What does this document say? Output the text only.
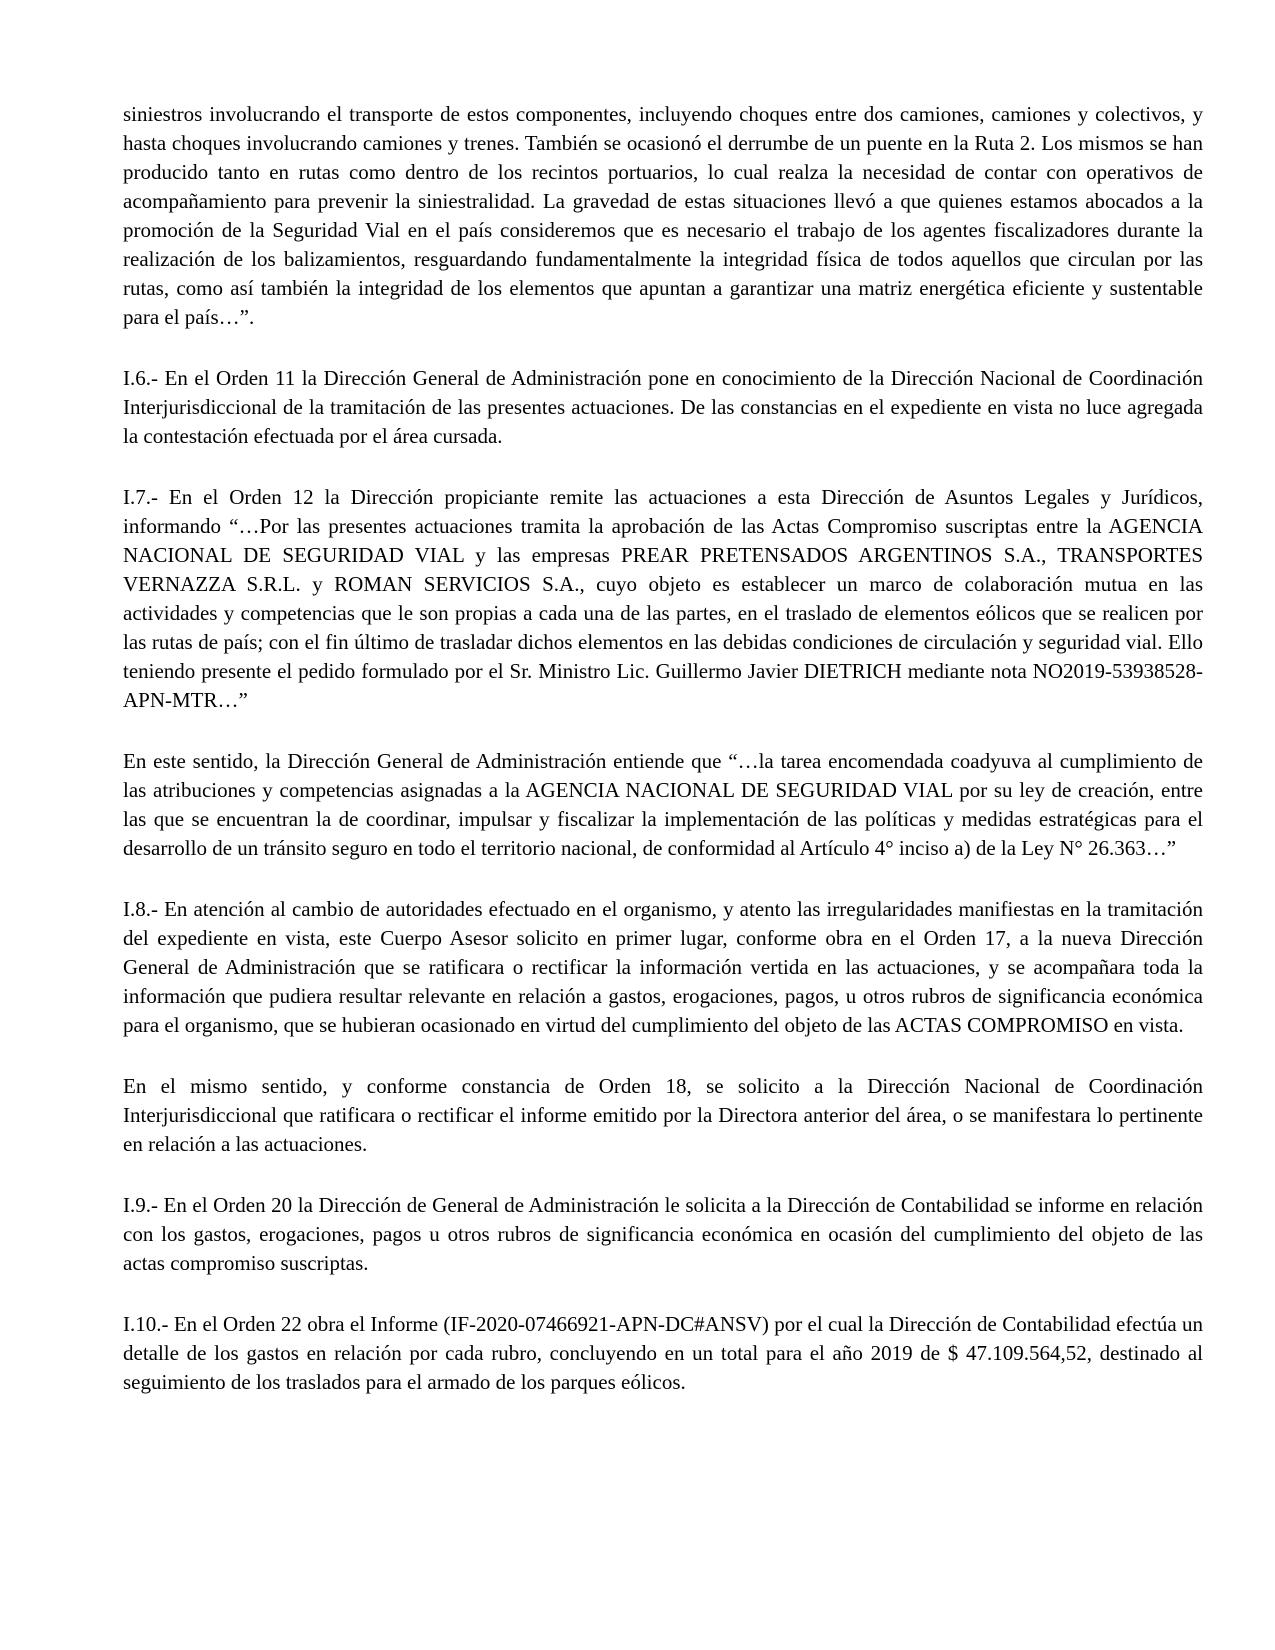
siniestros involucrando el transporte de estos componentes, incluyendo choques entre dos camiones, camiones y colectivos, y hasta choques involucrando camiones y trenes. También se ocasionó el derrumbe de un puente en la Ruta 2. Los mismos se han producido tanto en rutas como dentro de los recintos portuarios, lo cual realza la necesidad de contar con operativos de acompañamiento para prevenir la siniestralidad. La gravedad de estas situaciones llevó a que quienes estamos abocados a la promoción de la Seguridad Vial en el país consideremos que es necesario el trabajo de los agentes fiscalizadores durante la realización de los balizamientos, resguardando fundamentalmente la integridad física de todos aquellos que circulan por las rutas, como así también la integridad de los elementos que apuntan a garantizar una matriz energética eficiente y sustentable para el país…”.

I.6.- En el Orden 11 la Dirección General de Administración pone en conocimiento de la Dirección Nacional de Coordinación Interjurisdiccional de la tramitación de las presentes actuaciones. De las constancias en el expediente en vista no luce agregada la contestación efectuada por el área cursada.

I.7.- En el Orden 12 la Dirección propiciante remite las actuaciones a esta Dirección de Asuntos Legales y Jurídicos, informando “…Por las presentes actuaciones tramita la aprobación de las Actas Compromiso suscriptas entre la AGENCIA NACIONAL DE SEGURIDAD VIAL y las empresas PREAR PRETENSADOS ARGENTINOS S.A., TRANSPORTES VERNAZZA S.R.L. y ROMAN SERVICIOS S.A., cuyo objeto es establecer un marco de colaboración mutua en las actividades y competencias que le son propias a cada una de las partes, en el traslado de elementos eólicos que se realicen por las rutas de país; con el fin último de trasladar dichos elementos en las debidas condiciones de circulación y seguridad vial. Ello teniendo presente el pedido formulado por el Sr. Ministro Lic. Guillermo Javier DIETRICH mediante nota NO2019-53938528-APN-MTR…”

En este sentido, la Dirección General de Administración entiende que “…la tarea encomendada coadyuva al cumplimiento de las atribuciones y competencias asignadas a la AGENCIA NACIONAL DE SEGURIDAD VIAL por su ley de creación, entre las que se encuentran la de coordinar, impulsar y fiscalizar la implementación de las políticas y medidas estratégicas para el desarrollo de un tránsito seguro en todo el territorio nacional, de conformidad al Artículo 4° inciso a) de la Ley N° 26.363…”

I.8.- En atención al cambio de autoridades efectuado en el organismo, y atento las irregularidades manifiestas en la tramitación del expediente en vista, este Cuerpo Asesor solicito en primer lugar, conforme obra en el Orden 17, a la nueva Dirección General de Administración que se ratificara o rectificar la información vertida en las actuaciones, y se acompañara toda la información que pudiera resultar relevante en relación a gastos, erogaciones, pagos, u otros rubros de significancia económica para el organismo, que se hubieran ocasionado en virtud del cumplimiento del objeto de las ACTAS COMPROMISO en vista.

En el mismo sentido, y conforme constancia de Orden 18, se solicito a la Dirección Nacional de Coordinación Interjurisdiccional que ratificara o rectificar el informe emitido por la Directora anterior del área, o se manifestara lo pertinente en relación a las actuaciones.

I.9.- En el Orden 20 la Dirección de General de Administración le solicita a la Dirección de Contabilidad se informe en relación con los gastos, erogaciones, pagos u otros rubros de significancia económica en ocasión del cumplimiento del objeto de las actas compromiso suscriptas.

I.10.- En el Orden 22 obra el Informe (IF-2020-07466921-APN-DC#ANSV) por el cual la Dirección de Contabilidad efectúa un detalle de los gastos en relación por cada rubro, concluyendo en un total para el año 2019 de $ 47.109.564,52, destinado al seguimiento de los traslados para el armado de los parques eólicos.
